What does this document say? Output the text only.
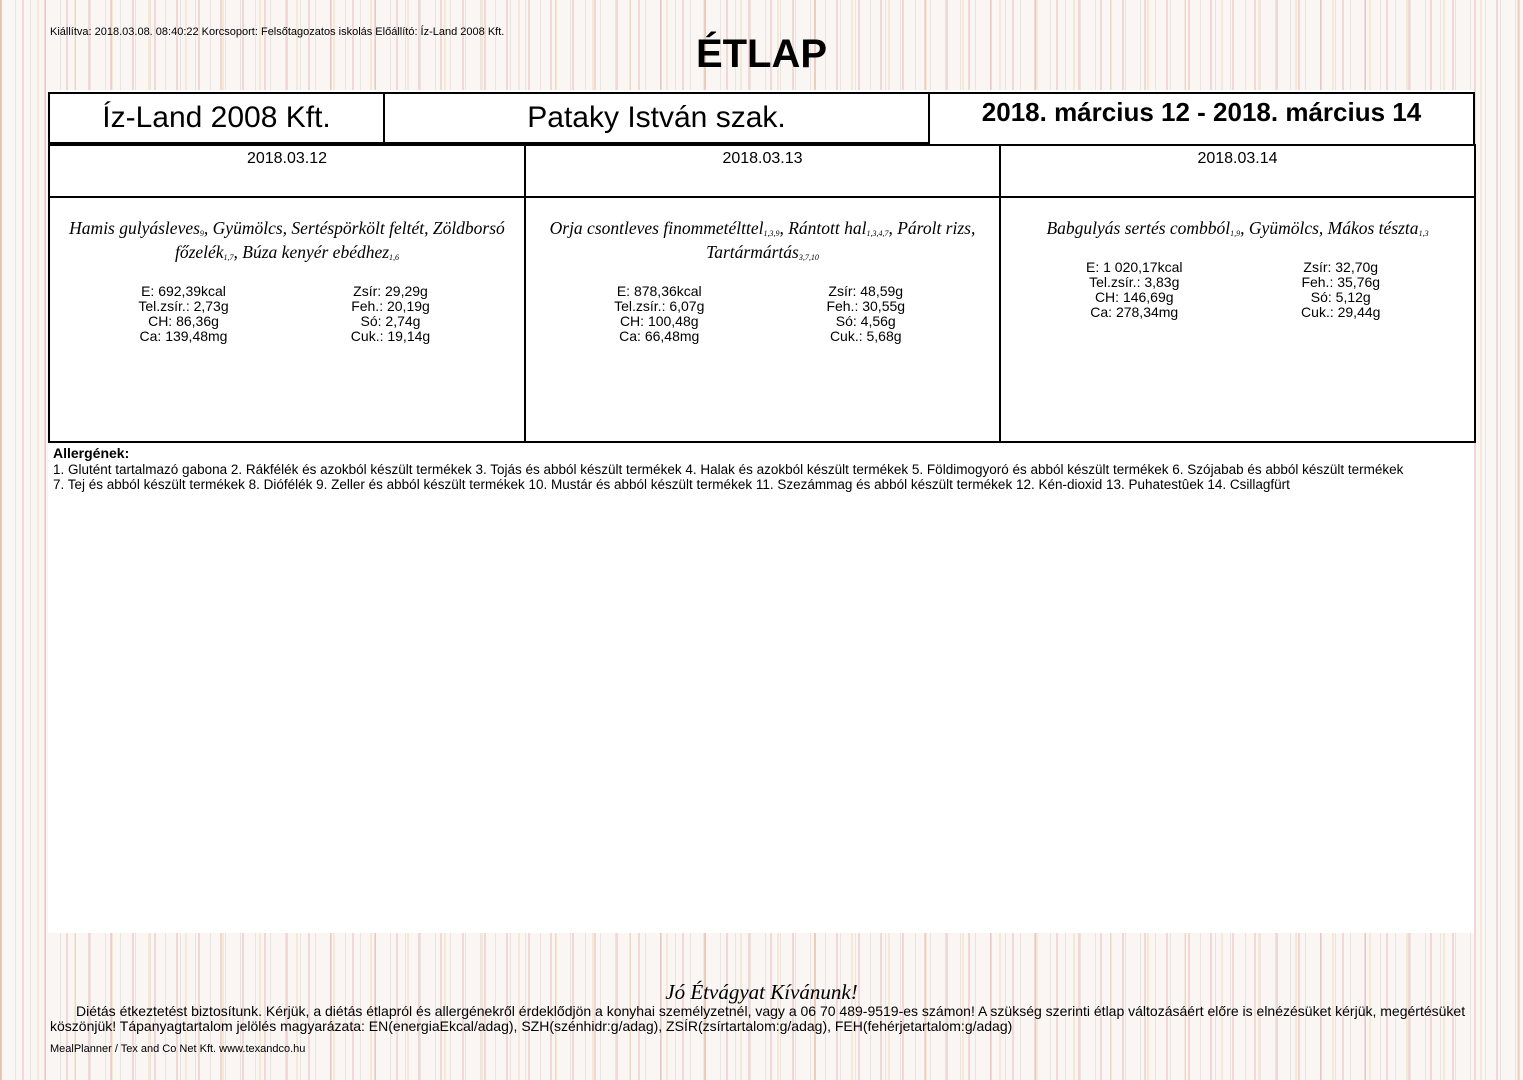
Kiállítva: 2018.03.08. 08:40:22 Korcsoport: Felsőtagozatos iskolás Előállító: Íz-Land 2008 Kft.	ÉTLAP
Íz-Land 2008 Kft.	Pataky István szak.	2018. március 12 - 2018. március 14
2018.03.12
Hamis gulyásleves$_9$, Gyümölcs, Sertéspörkölt feltét, Zöldborsó főzelék$_{1,7}$, Búza kenyér ebédhez$_{1,6}$
E: 692,39kcal	Zsír: 29,29g
Tel.zsír.: 2,73g	Feh.: 20,19g
CH: 86,36g	Só: 2,74g
Ca: 139,48mg	Cuk.: 19,14g
2018.03.13
Orja csontleves finommetélttel$_{1,3,9}$, Rántott hal$_{1,3,4,7}$, Párolt rizs, Tartármártás$_{3,7,10}$
E: 878,36kcal	Zsír: 48,59g
Tel.zsír.: 6,07g	Feh.: 30,55g
CH: 100,48g	Só: 4,56g
Ca: 66,48mg	Cuk.: 5,68g
2018.03.14
Babgulyás sertés combból$_{1,9}$, Gyümölcs, Mákos tészta$_{1,3}$
E: 1 020,17kcal	Zsír: 32,70g
Tel.zsír.: 3,83g	Feh.: 35,76g
CH: 146,69g	Só: 5,12g
Ca: 278,34mg	Cuk.: 29,44g
Allergének:
1. Glutént tartalmazó gabona 2. Rákfélék és azokból készült termékek 3. Tojás és abból készült termékek 4. Halak és azokból készült termékek 5. Földimogyoró és abból készült termékek 6. Szójabab és abból készült termékek
7. Tej és abból készült termékek 8. Diófélék 9. Zeller és abból készült termékek 10. Mustár és abból készült termékek 11. Szezámmag és abból készült termékek 12. Kén-dioxid 13. Puhatestûek 14. Csillagfürt
Jó Étvágyat Kívánunk!
Diétás étkeztetést biztosítunk. Kérjük, a diétás étlapról és allergénekről érdeklődjön a konyhai személyzetnél, vagy a 06 70 489-9519-es számon! A szükség szerinti étlap változásáért előre is elnézésüket kérjük, megértésüket köszönjük! Tápanyagtartalom jelölés magyarázata: EN(energiaEkcal/adag), SZH(szénhidr:g/adag), ZSÍR(zsírtartalom:g/adag), FEH(fehérjetartalom:g/adag)
MealPlanner / Tex and Co Net Kft. www.texandco.hu
